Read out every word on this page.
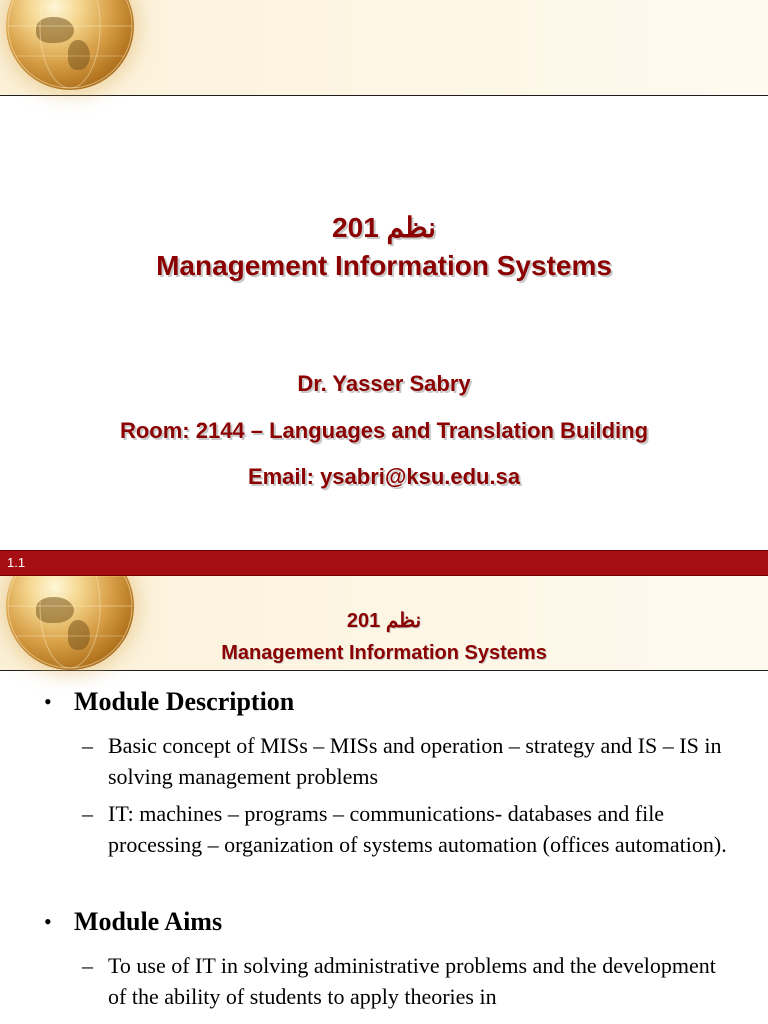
نظم 201
Management Information Systems
Dr. Yasser Sabry
Room: 2144 – Languages and Translation Building
Email: ysabri@ksu.edu.sa
1.1
نظم 201
Management Information Systems
• Module Description
– Basic concept of MISs – MISs and operation – strategy and IS – IS in solving management problems
– IT: machines – programs – communications- databases and file processing – organization of systems automation (offices automation).
• Module Aims
– To use of IT in solving administrative problems and the development of the ability of students to apply theories in
